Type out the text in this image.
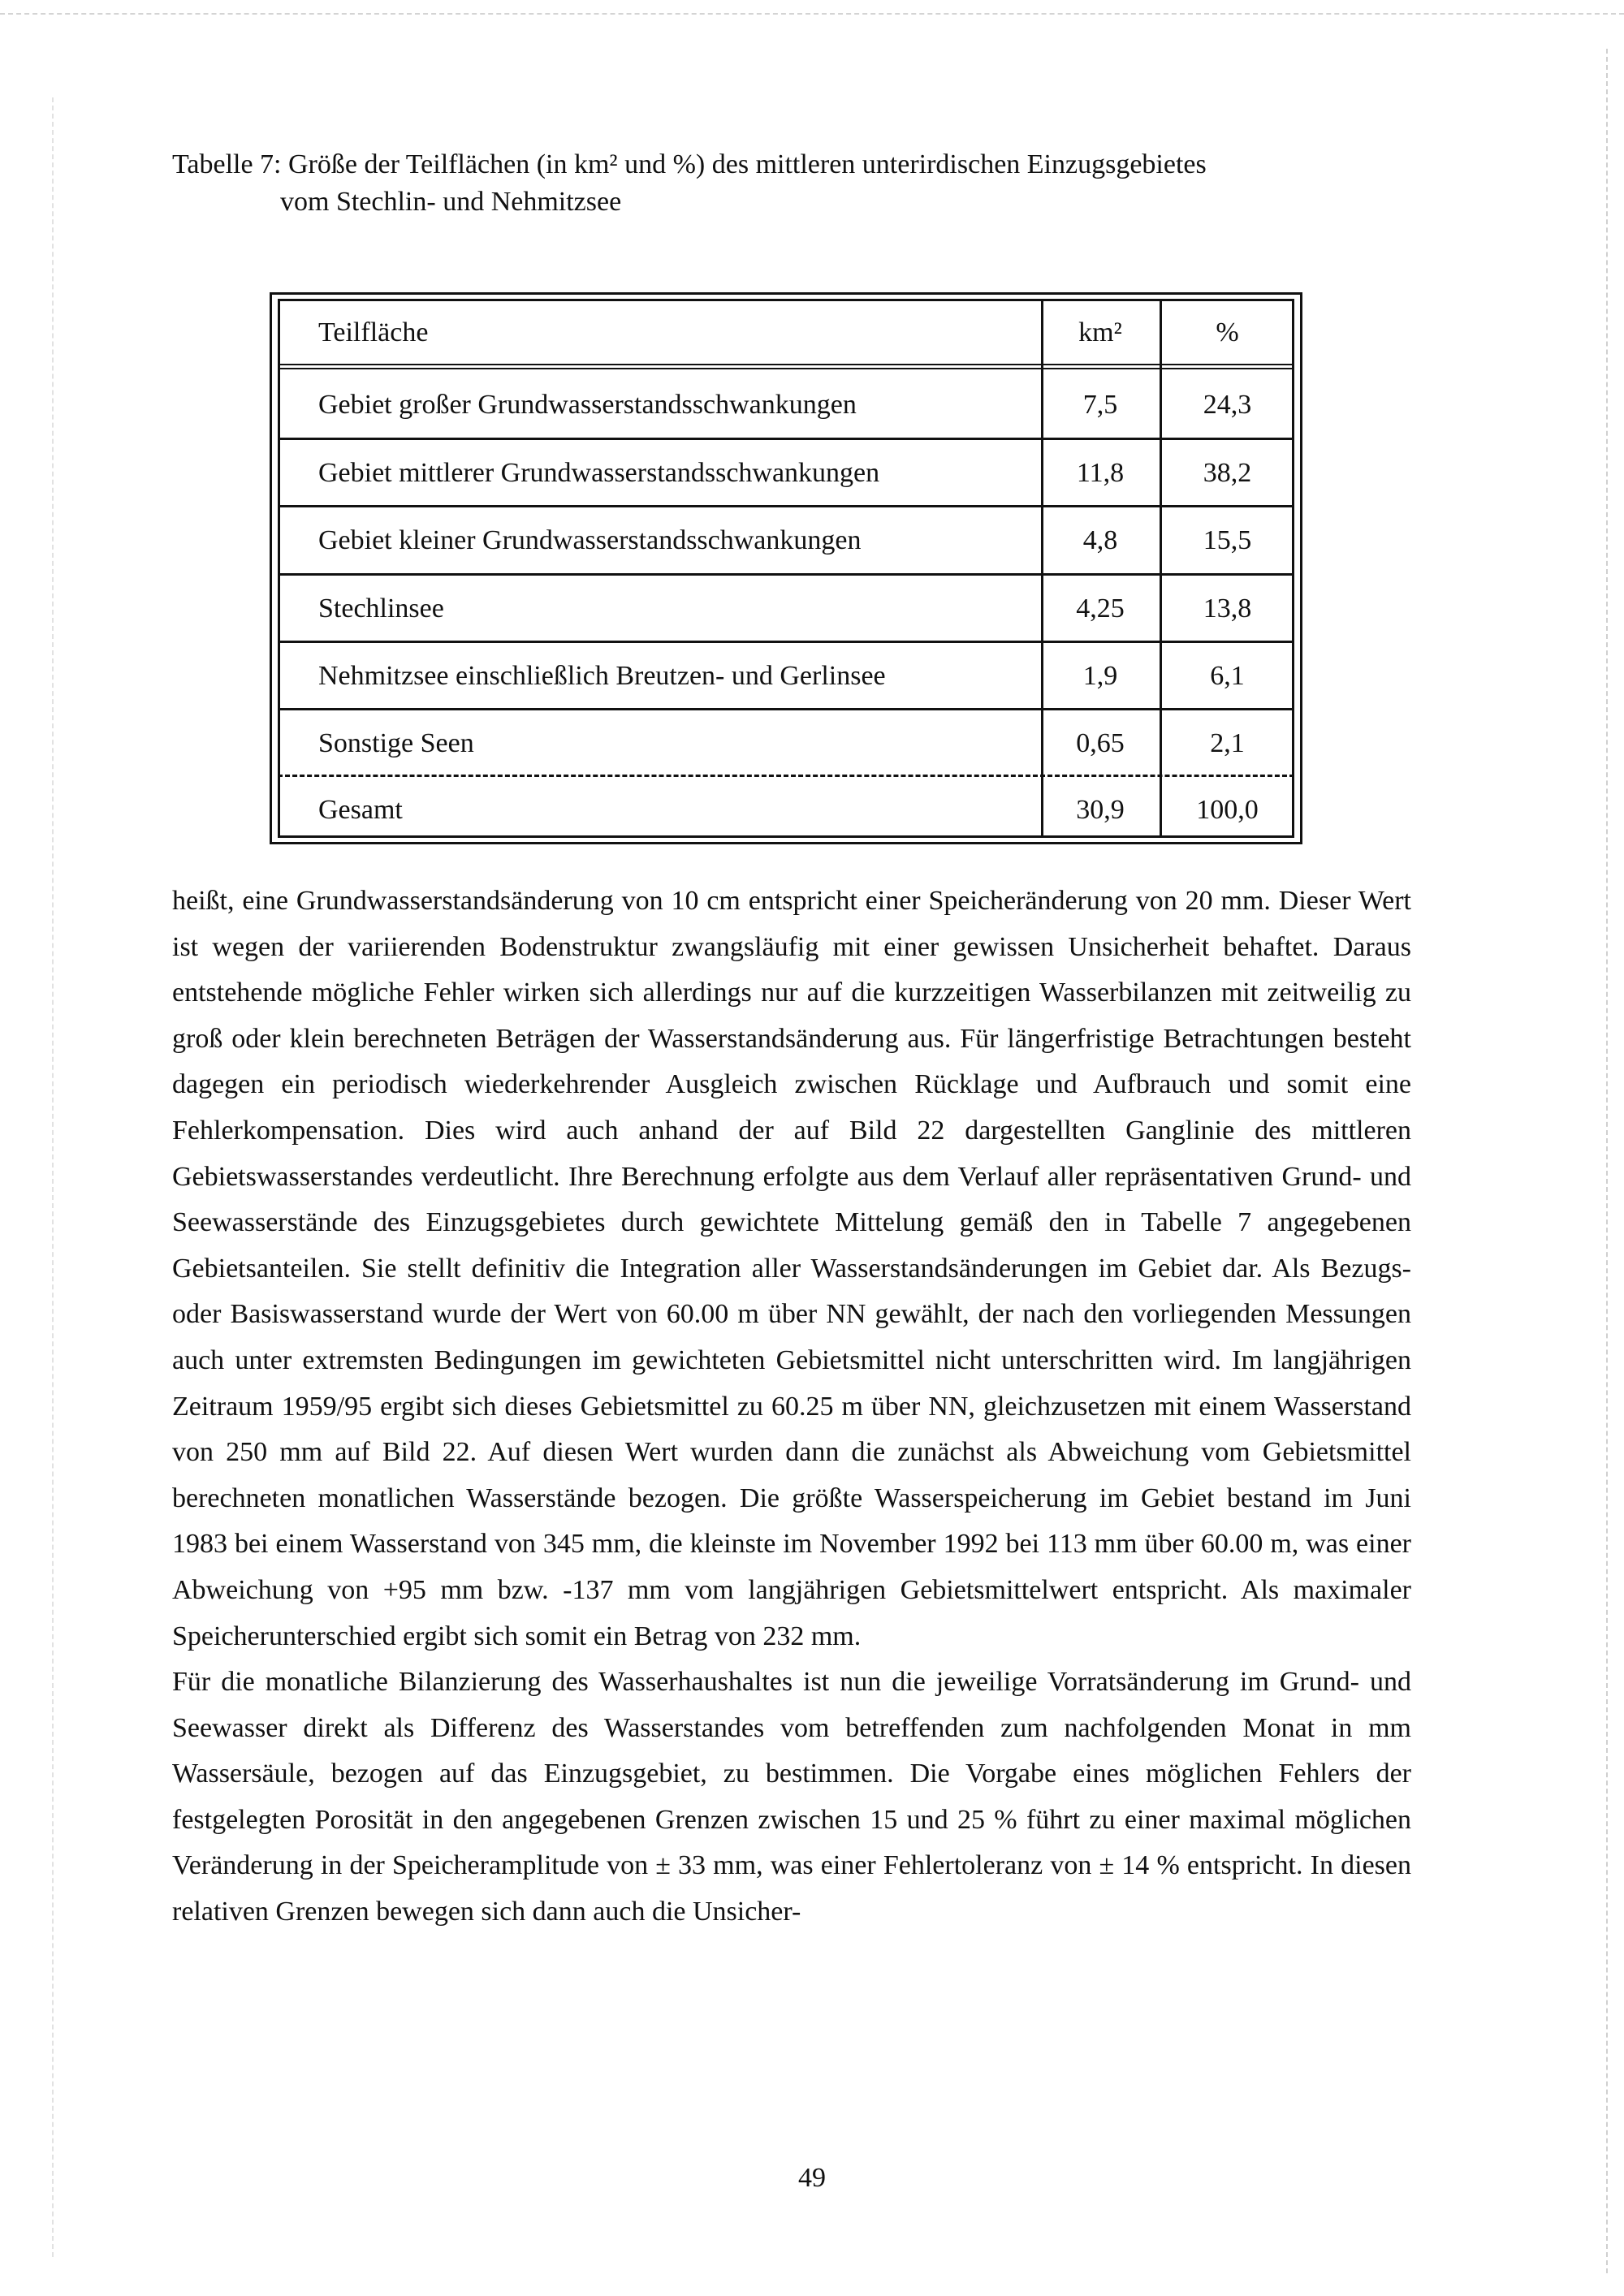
Tabelle 7: Größe der Teilflächen (in km² und %) des mittleren unterirdischen Einzugsgebietes
vom Stechlin- und Nehmitzsee
Teilfläche	km²	%
Gebiet großer Grundwasserstandsschwankungen	7,5	24,3
Gebiet mittlerer Grundwasserstandsschwankungen	11,8	38,2
Gebiet kleiner Grundwasserstandsschwankungen	4,8	15,5
Stechlinsee	4,25	13,8
Nehmitzsee einschließlich Breutzen- und Gerlinsee	1,9	6,1
Sonstige Seen	0,65	2,1
Gesamt	30,9	100,0

heißt, eine Grundwasserstandsänderung von 10 cm entspricht einer Speicheränderung von 20 mm. Dieser Wert ist wegen der variierenden Bodenstruktur zwangsläufig mit einer gewissen Unsicherheit behaftet. Daraus entstehende mögliche Fehler wirken sich allerdings nur auf die kurzzeitigen Wasserbilanzen mit zeitweilig zu groß oder klein berechneten Beträgen der Wasserstandsänderung aus. Für längerfristige Betrachtungen besteht dagegen ein periodisch wiederkehrender Ausgleich zwischen Rücklage und Aufbrauch und somit eine Fehlerkompensation. Dies wird auch anhand der auf Bild 22 dargestellten Ganglinie des mittleren Gebietswasserstandes verdeutlicht. Ihre Berechnung erfolgte aus dem Verlauf aller repräsentativen Grund- und Seewasserstände des Einzugsgebietes durch gewichtete Mittelung gemäß den in Tabelle 7 angegebenen Gebietsanteilen. Sie stellt definitiv die Integration aller Wasserstandsänderungen im Gebiet dar. Als Bezugs- oder Basiswasserstand wurde der Wert von 60.00 m über NN gewählt, der nach den vorliegenden Messungen auch unter extremsten Bedingungen im gewichteten Gebietsmittel nicht unterschritten wird. Im langjährigen Zeitraum 1959/95 ergibt sich dieses Gebietsmittel zu 60.25 m über NN, gleichzusetzen mit einem Wasserstand von 250 mm auf Bild 22. Auf diesen Wert wurden dann die zunächst als Abweichung vom Gebietsmittel berechneten monatlichen Wasserstände bezogen. Die größte Wasserspeicherung im Gebiet bestand im Juni 1983 bei einem Wasserstand von 345 mm, die kleinste im November 1992 bei 113 mm über 60.00 m, was einer Abweichung von +95 mm bzw. -137 mm vom langjährigen Gebietsmittelwert entspricht. Als maximaler Speicherunterschied ergibt sich somit ein Betrag von 232 mm.

Für die monatliche Bilanzierung des Wasserhaushaltes ist nun die jeweilige Vorratsänderung im Grund- und Seewasser direkt als Differenz des Wasserstandes vom betreffenden zum nachfolgenden Monat in mm Wassersäule, bezogen auf das Einzugsgebiet, zu bestimmen. Die Vorgabe eines möglichen Fehlers der festgelegten Porosität in den angegebenen Grenzen zwischen 15 und 25 % führt zu einer maximal möglichen Veränderung in der Speicheramplitude von ± 33 mm, was einer Fehlertoleranz von ± 14 % entspricht. In diesen relativen Grenzen bewegen sich dann auch die Unsicher-

49
